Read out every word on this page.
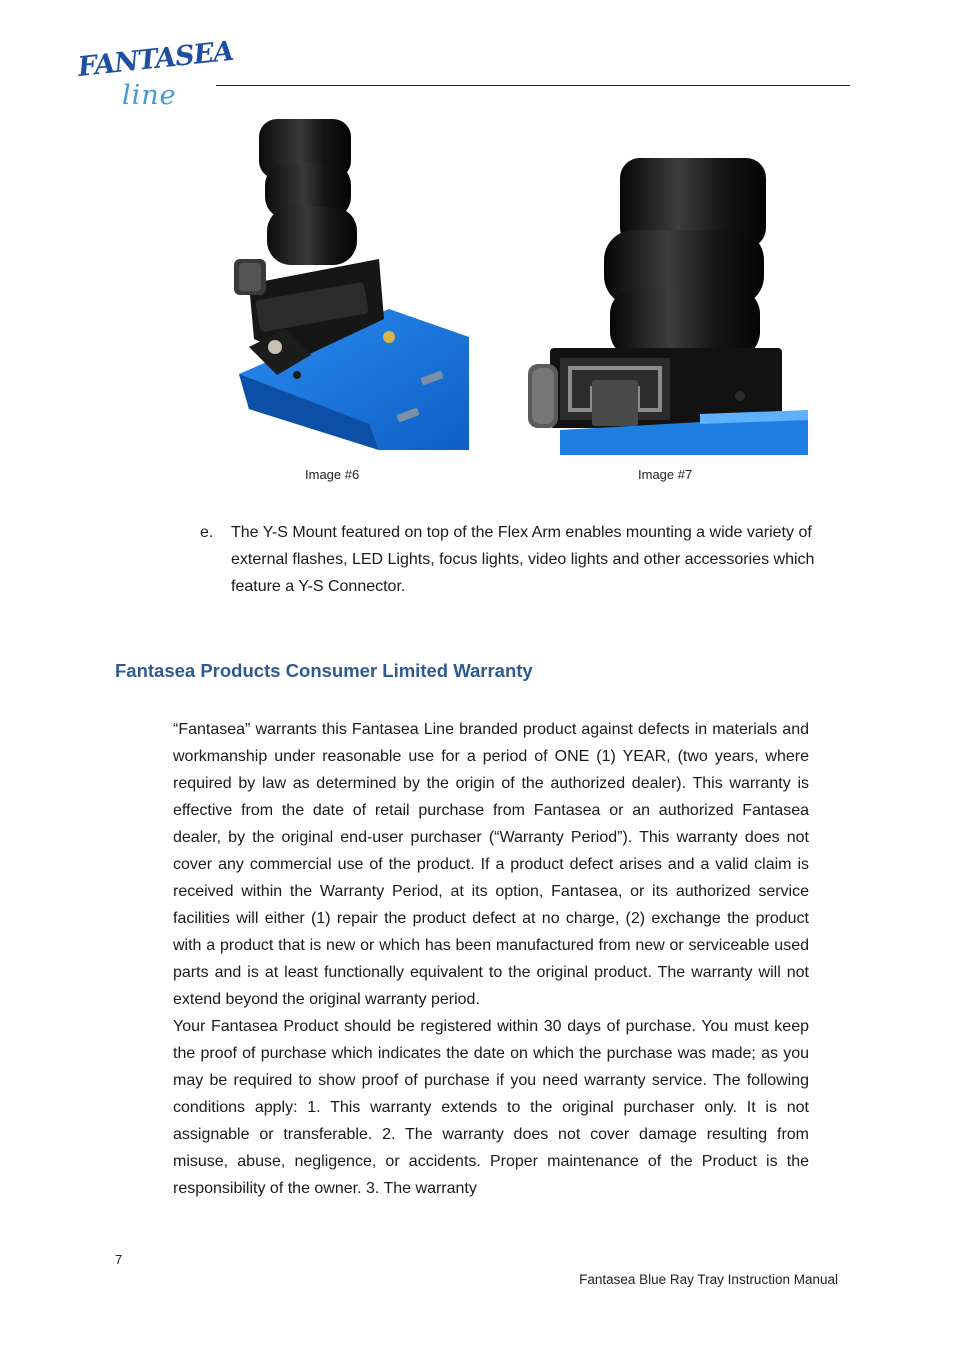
FANTASEA
line
Image #6	Image #7
e. The Y-S Mount featured on top of the Flex Arm enables mounting a wide variety of external flashes, LED Lights, focus lights, video lights and other accessories which feature a Y-S Connector.
Fantasea Products Consumer Limited Warranty

“Fantasea” warrants this Fantasea Line branded product against defects in materials and workmanship under reasonable use for a period of ONE (1) YEAR, (two years, where required by law as determined by the origin of the authorized dealer). This warranty is effective from the date of retail purchase from Fantasea or an authorized Fantasea dealer, by the original end-user purchaser (“Warranty Period”). This warranty does not cover any commercial use of the product. If a product defect arises and a valid claim is received within the Warranty Period, at its option, Fantasea, or its authorized service facilities will either (1) repair the product defect at no charge, (2) exchange the product with a product that is new or which has been manufactured from new or serviceable used parts and is at least functionally equivalent to the original product. The warranty will not extend beyond the original warranty period.

Your Fantasea Product should be registered within 30 days of purchase. You must keep the proof of purchase which indicates the date on which the purchase was made; as you may be required to show proof of purchase if you need warranty service. The following conditions apply: 1. This warranty extends to the original purchaser only. It is not assignable or transferable. 2. The warranty does not cover damage resulting from misuse, abuse, negligence, or accidents. Proper maintenance of the Product is the responsibility of the owner. 3. The warranty

7
Fantasea Blue Ray Tray Instruction Manual
